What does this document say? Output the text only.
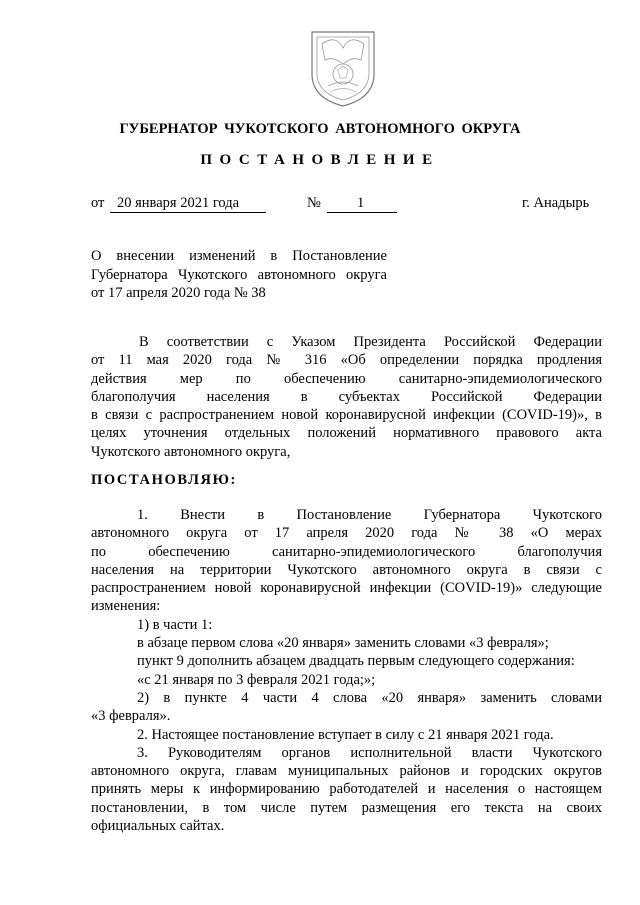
ГУБЕРНАТОР ЧУКОТСКОГО АВТОНОМНОГО ОКРУГА
ПОСТАНОВЛЕНИЕ
от 20 января 2021 года	№ 1	г. Анадырь
О внесении изменений в Постановление
Губернатора Чукотского автономного округа
от 17 апреля 2020 года № 38
В соответствии с Указом Президента Российской Федерации
от 11 мая 2020 года № 316 «Об определении порядка продления
действия мер по обеспечению санитарно-эпидемиологического
благополучия населения в субъектах Российской Федерации
в связи с распространением новой коронавирусной инфекции (COVID-19)», в
целях уточнения отдельных положений нормативного правового акта
Чукотского автономного округа,
ПОСТАНОВЛЯЮ:
1. Внести в Постановление Губернатора Чукотского
автономного округа от 17 апреля 2020 года № 38 «О мерах
по обеспечению санитарно-эпидемиологического благополучия
населения на территории Чукотского автономного округа в связи с
распространением новой коронавирусной инфекции (COVID-19)» следующие
изменения:
1) в части 1:
в абзаце первом слова «20 января» заменить словами «3 февраля»;
пункт 9 дополнить абзацем двадцать первым следующего содержания:
«с 21 января по 3 февраля 2021 года;»;
2) в пункте 4 части 4 слова «20 января» заменить словами
«3 февраля».
2. Настоящее постановление вступает в силу с 21 января 2021 года.
3. Руководителям органов исполнительной власти Чукотского
автономного округа, главам муниципальных районов и городских округов
принять меры к информированию работодателей и населения о настоящем
постановлении, в том числе путем размещения его текста на своих
официальных сайтах.
